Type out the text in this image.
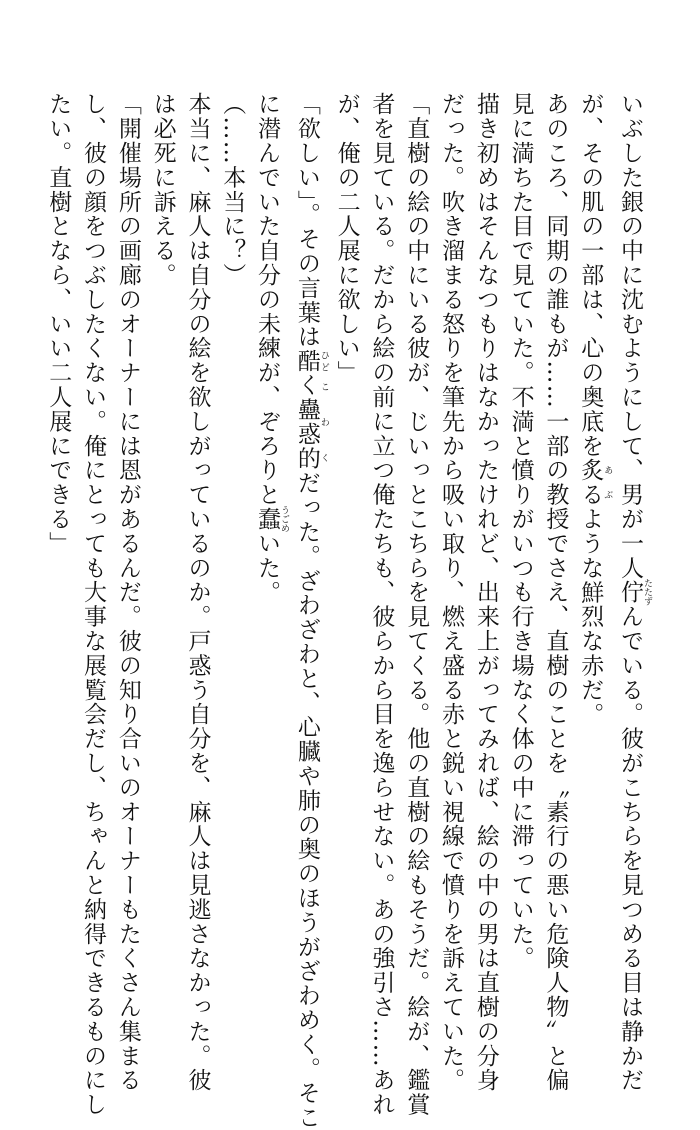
いぶした銀の中に沈むようにして、男が一人佇 たたずんでいる。彼がこちらを見つめる目は静かだ
が、その肌の一部は、心の奥底を炙る あぶような鮮烈な赤だ。
あのころ、同期の誰もが……一部の教授でさえ、直樹のことを〝素行の悪い危険人物〟と偏
見に満ちた目で見ていた。不満と憤りがいつも行き場なく体の中に滞っていた。
描き初めはそんなつもりはなかったけれど、出来上がってみれば、絵の中の男は直樹の分身
だった。吹き溜まる怒りを筆先から吸い取り、燃え盛る赤と鋭い視線で憤りを訴えていた。
「直樹の絵の中にいる彼が、じいっとこちらを見てくる。他の直樹の絵もそうだ。絵が、鑑賞
者を見ている。だから絵の前に立つ俺たちも、彼らから目を逸らせない。あの強引さ……あれ
が、俺の二人展に欲しい」
「欲しい」。その言葉は酷 ひどく蠱惑的 こわくだった。ざわざわと、心臓や肺の奥のほうがざわめく。そこ
に潜んでいた自分の未練が、ぞろりと蠢 うごめいた。
（……本当に？）
本当に、麻人は自分の絵を欲しがっているのか。戸惑う自分を、麻人は見逃さなかった。彼
は必死に訴える。
「開催場所の画廊のオーナーには恩があるんだ。彼の知り合いのオーナーもたくさん集まる
し、彼の顔をつぶしたくない。俺にとっても大事な展覧会だし、ちゃんと納得できるものにし
たい。直樹となら、いい二人展にできる」
